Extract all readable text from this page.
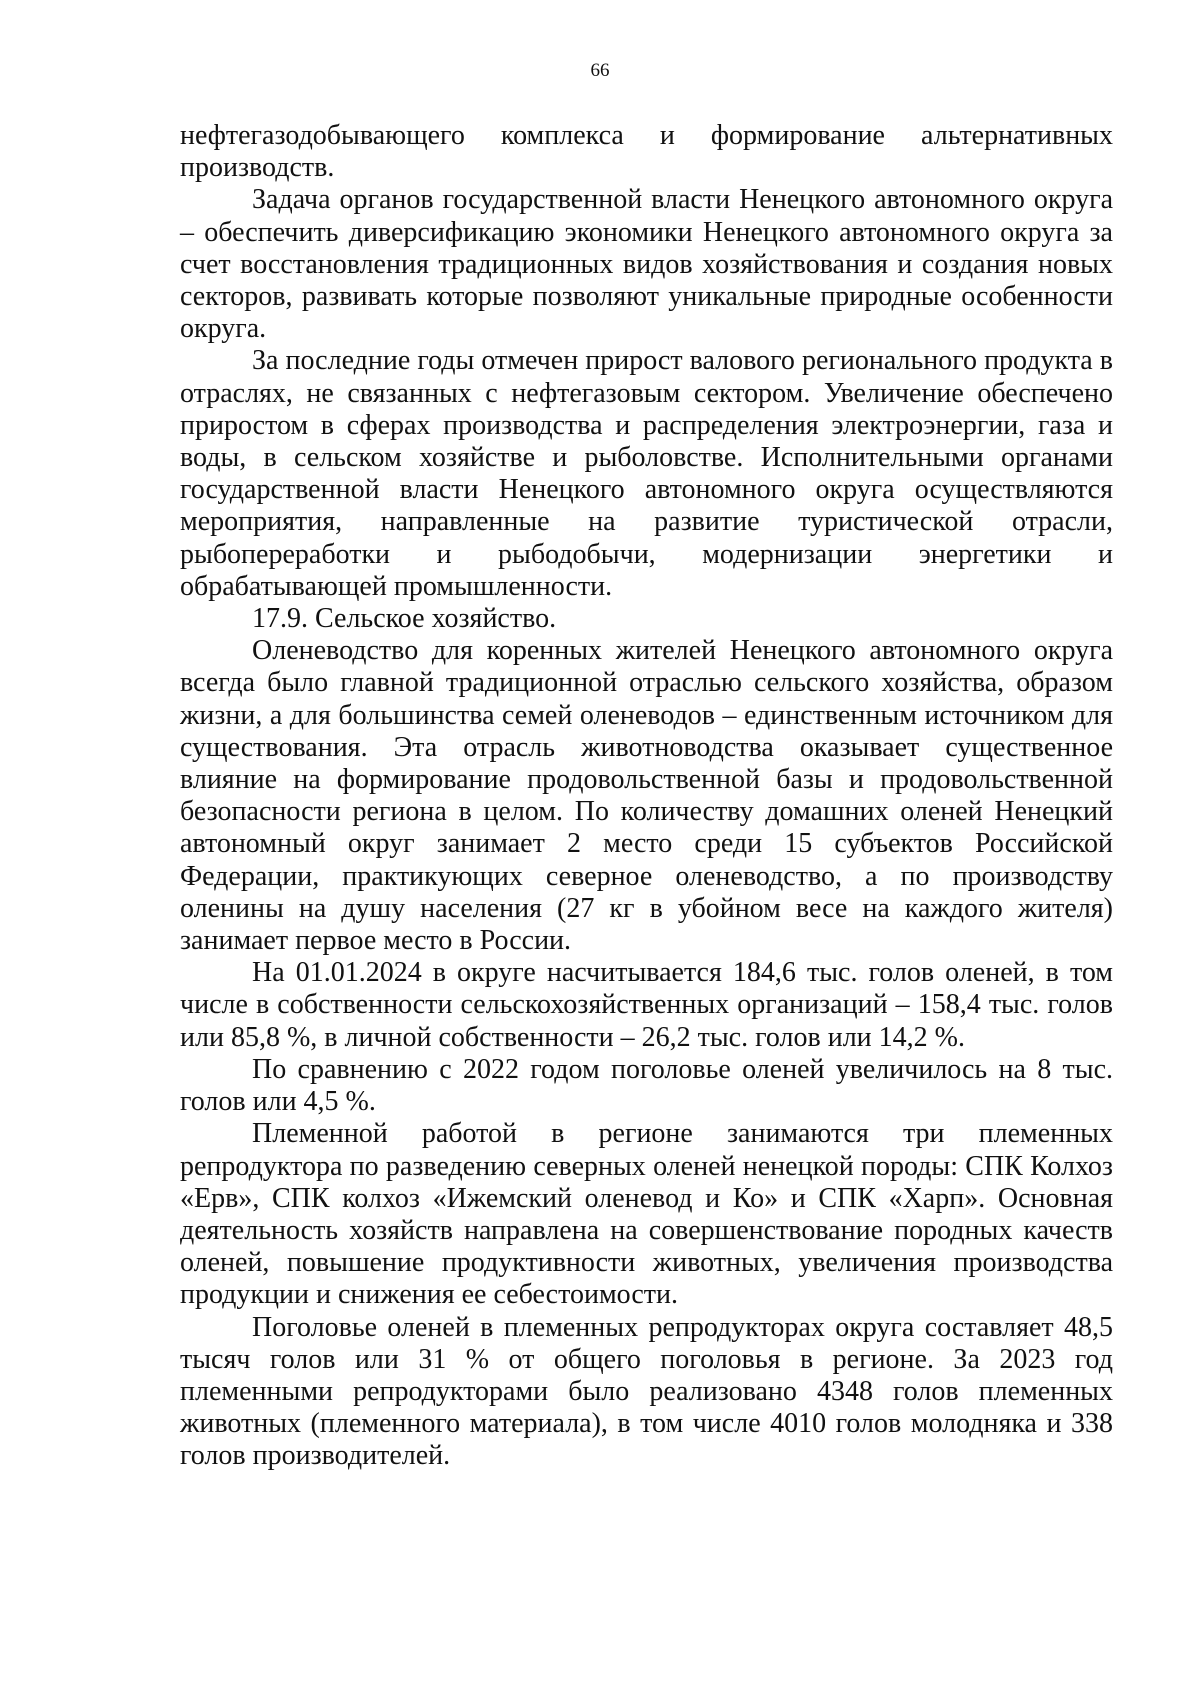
66

нефтегазодобывающего комплекса и формирование альтернативных производств.

Задача органов государственной власти Ненецкого автономного округа – обеспечить диверсификацию экономики Ненецкого автономного округа за счет восстановления традиционных видов хозяйствования и создания новых секторов, развивать которые позволяют уникальные природные особенности округа.

За последние годы отмечен прирост валового регионального продукта в отраслях, не связанных с нефтегазовым сектором. Увеличение обеспечено приростом в сферах производства и распределения электроэнергии, газа и воды, в сельском хозяйстве и рыболовстве. Исполнительными органами государственной власти Ненецкого автономного округа осуществляются мероприятия, направленные на развитие туристической отрасли, рыбопереработки и рыбодобычи, модернизации энергетики и обрабатывающей промышленности.

17.9. Сельское хозяйство.

Оленеводство для коренных жителей Ненецкого автономного округа всегда было главной традиционной отраслью сельского хозяйства, образом жизни, а для большинства семей оленеводов – единственным источником для существования. Эта отрасль животноводства оказывает существенное влияние на формирование продовольственной базы и продовольственной безопасности региона в целом. По количеству домашних оленей Ненецкий автономный округ занимает 2 место среди 15 субъектов Российской Федерации, практикующих северное оленеводство, а по производству оленины на душу населения (27 кг в убойном весе на каждого жителя) занимает первое место в России.

На 01.01.2024 в округе насчитывается 184,6 тыс. голов оленей, в том числе в собственности сельскохозяйственных организаций – 158,4 тыс. голов или 85,8 %, в личной собственности – 26,2 тыс. голов или 14,2 %.

По сравнению с 2022 годом поголовье оленей увеличилось на 8 тыс. голов или 4,5 %.

Племенной работой в регионе занимаются три племенных репродуктора по разведению северных оленей ненецкой породы: СПК Колхоз «Ерв», СПК колхоз «Ижемский оленевод и Ко» и СПК «Харп». Основная деятельность хозяйств направлена на совершенствование породных качеств оленей, повышение продуктивности животных, увеличения производства продукции и снижения ее себестоимости.

Поголовье оленей в племенных репродукторах округа составляет 48,5 тысяч голов или 31 % от общего поголовья в регионе. За 2023 год племенными репродукторами было реализовано 4348 голов племенных животных (племенного материала), в том числе 4010 голов молодняка и 338 голов производителей.
